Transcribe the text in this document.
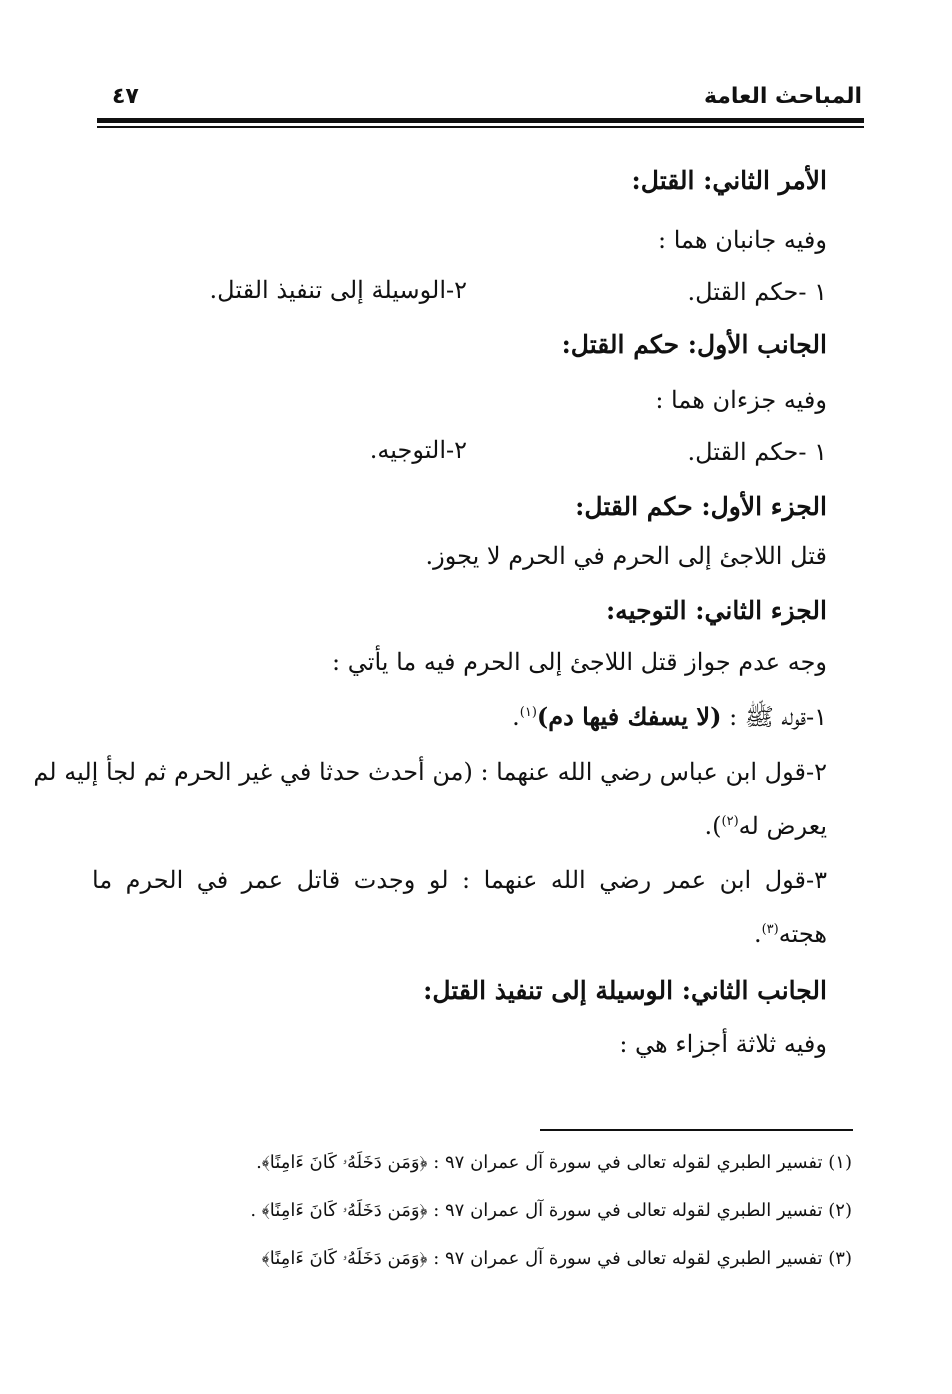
المباحث العامة
٤٧
الأمر الثاني: القتل:
وفيه جانبان هما :
١ -حكم القتل.
٢-الوسيلة إلى تنفيذ القتل.
الجانب الأول: حكم القتل:
وفيه جزءان هما :
١ -حكم القتل.
٢-التوجيه.
الجزء الأول: حكم القتل:
قتل اللاجئ إلى الحرم في الحرم لا يجوز.
الجزء الثاني: التوجيه:
وجه عدم جواز قتل اللاجئ إلى الحرم فيه ما يأتي :
١-قوله ﷺ : (لا يسفك فيها دم)$^{(١)}$.
٢-قول ابن عباس رضي الله عنهما : (من أحدث حدثا في غير الحرم ثم لجأ إليه لم
يعرض له$^{(٢)}$).
٣-قول ابن عمر رضي الله عنهما : لو وجدت قاتل عمر في الحرم ما
هجته$^{(٣)}$.
الجانب الثاني: الوسيلة إلى تنفيذ القتل:
وفيه ثلاثة أجزاء هي :
(١) تفسير الطبري لقوله تعالى في سورة آل عمران ٩٧ : ﴿وَمَن دَخَلَهُۥ كَانَ ءَامِنًا﴾.
(٢) تفسير الطبري لقوله تعالى في سورة آل عمران ٩٧ : ﴿وَمَن دَخَلَهُۥ كَانَ ءَامِنًا﴾ .
(٣) تفسير الطبري لقوله تعالى في سورة آل عمران ٩٧ : ﴿وَمَن دَخَلَهُۥ كَانَ ءَامِنًا﴾
